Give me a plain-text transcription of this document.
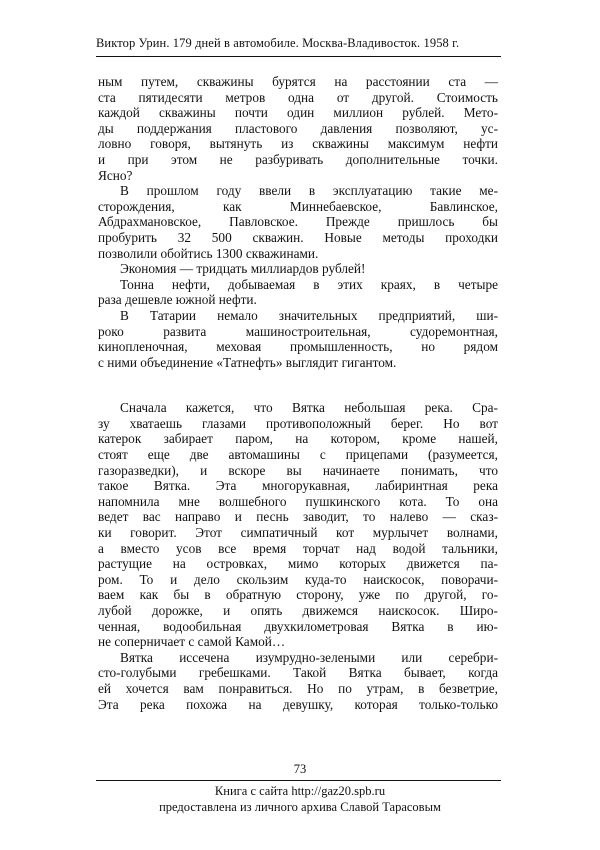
Виктор Урин. 179 дней в автомобиле. Москва-Владивосток. 1958 г.
ным путем, скважины бурятся на расстоянии ста —
ста пятидесяти метров одна от другой. Стоимость
каждой скважины почти один миллион рублей. Мето-
ды поддержания пластового давления позволяют, ус-
ловно говоря, вытянуть из скважины максимум нефти
и при этом не разбуривать дополнительные точки.
Ясно?
В прошлом году ввели в эксплуатацию такие ме-
сторождения, как Миннебаевское, Бавлинское,
Абдрахмановское, Павловское. Прежде пришлось бы
пробурить 32 500 скважин. Новые методы проходки
позволили обойтись 1300 скважинами.
Экономия — тридцать миллиардов рублей!
Тонна нефти, добываемая в этих краях, в четыре
раза дешевле южной нефти.
В Татарии немало значительных предприятий, ши-
роко развита машиностроительная, судоремонтная,
кинопленочная, меховая промышленность, но рядом
с ними объединение «Татнефть» выглядит гигантом.
Сначала кажется, что Вятка небольшая река. Сра-
зу хватаешь глазами противоположный берег. Но вот
катерок забирает паром, на котором, кроме нашей,
стоят еще две автомашины с прицепами (разумеется,
газоразведки), и вскоре вы начинаете понимать, что
такое Вятка. Эта многорукавная, лабиринтная река
напомнила мне волшебного пушкинского кота. То она
ведет вас направо и песнь заводит, то налево — сказ-
ки говорит. Этот симпатичный кот мурлычет волнами,
а вместо усов все время торчат над водой тальники,
растущие на островках, мимо которых движется па-
ром. То и дело скользим куда-то наискосок, поворачи-
ваем как бы в обратную сторону, уже по другой, го-
лубой дорожке, и опять движемся наискосок. Широ-
ченная, водообильная двухкилометровая Вятка в ию-
не соперничает с самой Камой…
Вятка иссечена изумрудно-зелеными или серебри-
сто-голубыми гребешками. Такой Вятка бывает, когда
ей хочется вам понравиться. Но по утрам, в безветрие,
Эта река похожа на девушку, которая только-только
73
Книга с сайта http://gaz20.spb.ru
предоставлена из личного архива Славой Тарасовым
